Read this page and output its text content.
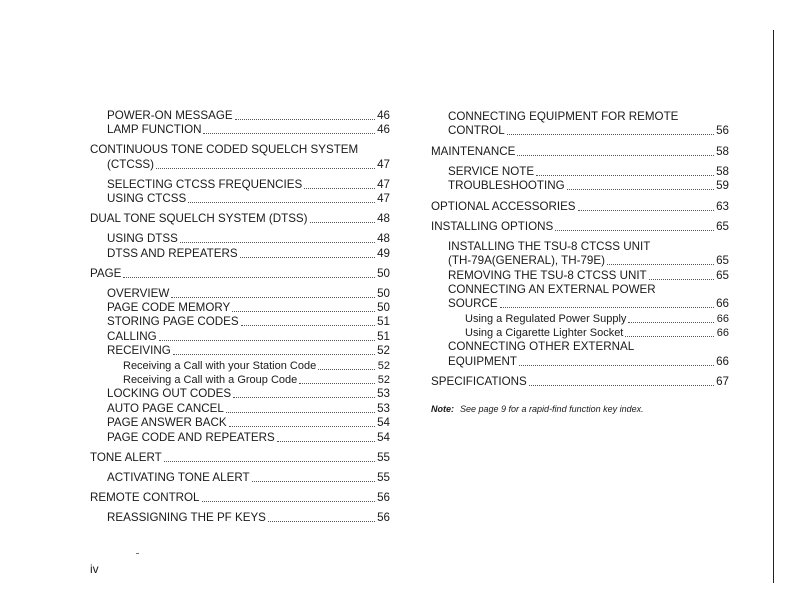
POWER-ON MESSAGE	46
LAMP FUNCTION	46
CONTINUOUS TONE CODED SQUELCH SYSTEM
(CTCSS)	47
SELECTING CTCSS FREQUENCIES	47
USING CTCSS	47
DUAL TONE SQUELCH SYSTEM (DTSS)	48
USING DTSS	48
DTSS AND REPEATERS	49
PAGE	50
OVERVIEW	50
PAGE CODE MEMORY	50
STORING PAGE CODES	51
CALLING	51
RECEIVING	52
Receiving a Call with your Station Code	52
Receiving a Call with a Group Code	52
LOCKING OUT CODES	53
AUTO PAGE CANCEL	53
PAGE ANSWER BACK	54
PAGE CODE AND REPEATERS	54
TONE ALERT	55
ACTIVATING TONE ALERT	55
REMOTE CONTROL	56
REASSIGNING THE PF KEYS	56
CONNECTING EQUIPMENT FOR REMOTE
CONTROL	56
MAINTENANCE	58
SERVICE NOTE	58
TROUBLESHOOTING	59
OPTIONAL ACCESSORIES	63
INSTALLING OPTIONS	65
INSTALLING THE TSU-8 CTCSS UNIT
(TH-79A(GENERAL), TH-79E)	65
REMOVING THE TSU-8 CTCSS UNIT	65
CONNECTING AN EXTERNAL POWER
SOURCE	66
Using a Regulated Power Supply	66
Using a Cigarette Lighter Socket	66
CONNECTING OTHER EXTERNAL
EQUIPMENT	66
SPECIFICATIONS	67
Note: See page 9 for a rapid-find function key index.
iv
